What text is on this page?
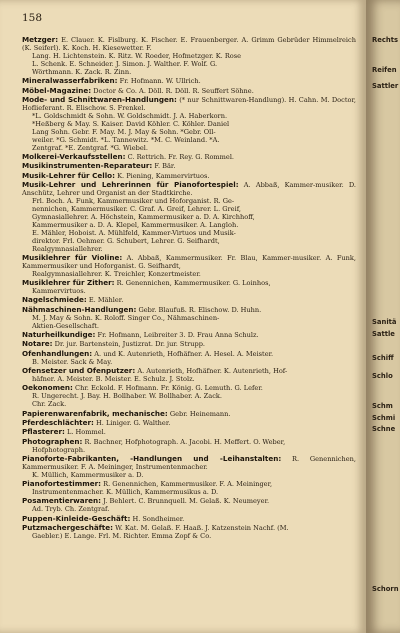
158
Metzger: E. Clauer. K. Fislburg. K. Fischer. E. Frauenberger. A. Grimm Gebrüder Himmelreich (K. Seiferl). K. Koch. H. Kiesewetter. F.
Lang. H. Lichtenstein. K. Ritz. W. Roeder, Hofmetzger. K. Rose
L. Schenk. E. Schneider. J. Simon. J. Walther. F. Wolf. G.
Wörthmann. K. Zack. R. Zinn.
Mineralwasserfabriken: Fr. Hofmann. W. Ullrich.
Möbel-Magazine: Doctor & Co. A. Döll. R. Döll. R. Seuffert Söhne.
Mode- und Schnittwaren-Handlungen: (* nur Schnittwaren-Handlung). H. Cahn. M. Doctor, Hoflieferant. R. Elischow. S. Frenkel.
*L. Goldschmidt & Sohn. W. Goldschmidt. J. A. Haberkorn.
*Heßberg & May. S. Kaiser. David Köhler. C. Köhler. Daniel
Lang Sohn. Gebr. F. May. M. J. May & Sohn. *Gebr. Oll-
weiler. *G. Schmidt. *L. Tannewitz. *M. C. Weinland. *A.
Zentgraf. *E. Zentgraf. *G. Wiebel.
Molkerei-Verkaufsstellen: C. Rettrich. Fr. Rey. G. Rommel.
Musikinstrumenten-Reparateur: F. Bär.
Musik-Lehrer für Cello: K. Piening, Kammervirtuos.
Musik-Lehrer und Lehrerinnen für Pianofortespiel: A. Abbaß, Kammer-musiker. D. Anschütz, Lehrer und Organist an der Stadtkirche.
Frl. Boch. A. Funk, Kammermusiker und Hoforganist. R. Ge-
nennichen, Kammermusiker. C. Graf. A. Greif, Lehrer. L. Greif,
Gymnasiallehrer. A. Höchstein, Kammermusiker a. D. A. Kirchhoff,
Kammermusiker a. D. A. Klepel, Kammermusiker. A. Langloh.
E. Mähler, Hoboist. A. Mühlfeld, Kammer-Virtuos und Musik-
direktor. Frl. Oehmer. G. Schubert, Lehrer. G. Seifhardt,
Realgymnasiallehrer.
Musiklehrer für Violine: A. Abbaß, Kammermusiker. Fr. Blau, Kammer-musiker. A. Funk, Kammermusiker und Hoforganist. G. Seifhardt,
Realgymnasiallehrer. K. Treichler, Konzertmeister.
Musiklehrer für Zither: R. Genennichen, Kammermusiker. G. Loinhos,
Kammervirtuos.
Nagelschmiede: E. Mähler.
Nähmaschinen-Handlungen: Gebr. Blaufuß. R. Elischow. D. Huhn.
M. J. May & Sohn. K. Roloff. Singer Co., Nähmaschinen-
Aktien-Gesellschaft.
Naturheilkundige: Fr. Hofmann, Leibreiter 3. D. Frau Anna Schulz.
Notare: Dr. jur. Bartenstein, Justizrat. Dr. jur. Strupp.
Ofenhandlungen: A. und K. Autenrieth, Hofhäfner. A. Hesel. A. Meister.
B. Meister. Sack & May.
Ofensetzer und Ofenputzer: A. Autenrieth, Hofhäfner. K. Autenrieth, Hof-
häfner. A. Meister. B. Meister. E. Schulz. J. Stolz.
Oekonomen: Chr. Eckold. F. Hofmann. Fr. König. G. Lemuth. G. Lefer.
R. Ungerecht. J. Bay. H. Bollhaber. W. Bollhaber. A. Zack.
Chr. Zack.
Papierenwarenfabrik, mechanische: Gebr. Heinemann.
Pferdeschlächter: H. Liniger. G. Walther.
Pflasterer: L. Hommel.
Photographen: R. Bachner, Hofphotograph. A. Jacobi. H. Meffert. O. Weber,
Hofphotograph.
Pianoforte-Fabrikanten, -Handlungen und -Leihanstalten: R. Genennichen, Kammermusiker. F. A. Meininger, Instrumentenmacher.
K. Müllich, Kammermusiker a. D.
Pianofortestimmer: R. Genennichen, Kammermusiker. F. A. Meininger,
Instrumentenmacher. K. Müllich, Kammermusikus a. D.
Posamentierwaren: J. Behlert. C. Brunnquell. M. Gelaß. K. Neumeyer.
Ad. Tryb. Ch. Zentgraf.
Puppen-Kinleide-Geschäft: H. Sondheimer.
Putzmachergeschäfte: W. Kat. M. Gelaß. F. Haaß. J. Katzenstein Nachf. (M.
Gaebler.) E. Lange. Frl. M. Richter. Emma Zopf & Co.
Rechts
Reifen
Sattler
Sanitä
Sattle
Schiff
Schlo
Schm
Schmi
Schne
Schorn
